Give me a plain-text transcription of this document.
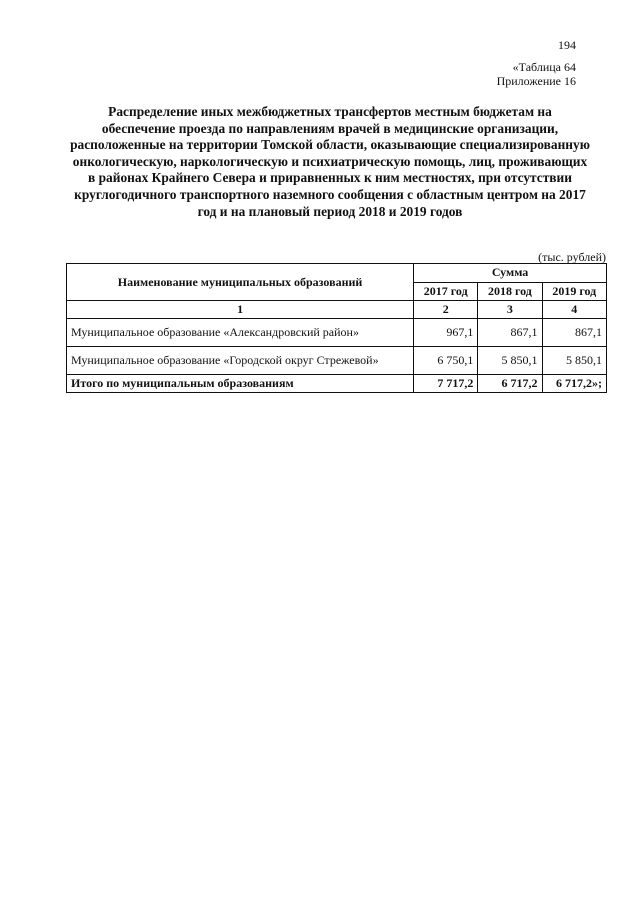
194
«Таблица 64
Приложение 16
Распределение иных межбюджетных трансфертов местным бюджетам на обеспечение проезда по направлениям врачей в медицинские организации, расположенные на территории Томской области, оказывающие специализированную онкологическую, наркологическую и психиатрическую помощь, лиц, проживающих в районах Крайнего Севера и приравненных к ним местностях, при отсутствии круглогодичного транспортного наземного сообщения с областным центром на 2017 год и на плановый период 2018 и 2019 годов
(тыс. рублей)
Наименование муниципальных образований	Сумма		
	2017 год	2018 год	2019 год
1	2	3	4
Муниципальное образование «Александровский район»	967,1	867,1	867,1
Муниципальное образование «Городской округ Стрежевой»	6 750,1	5 850,1	5 850,1
Итого по муниципальным образованиям	7 717,2	6 717,2	6 717,2»;
